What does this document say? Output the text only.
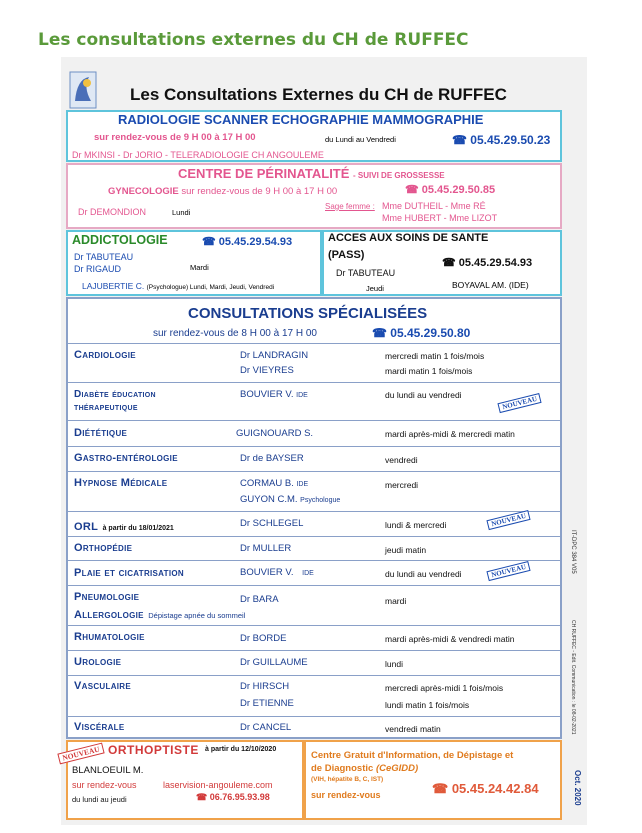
Les consultations externes du CH de RUFFEC
Les Consultations Externes du CH de RUFFEC
RADIOLOGIE SCANNER ECHOGRAPHIE MAMMOGRAPHIE
sur rendez-vous de 9 H 00 à 17 H 00	du Lundi au Vendredi	☎ 05.45.29.50.23
Dr MKINSI - Dr JORIO - TELERADIOLOGIE CH ANGOULEME
CENTRE DE PÉRINATALITÉ - SUIVI DE GROSSESSE
GYNECOLOGIE sur rendez-vous de 9 H 00 à 17 H 00	☎ 05.45.29.50.85
Dr DEMONDION	Lundi
Sage femme : Mme DUTHEIL - Mme RÉ
Mme HUBERT - Mme LIZOT
ADDICTOLOGIE	☎ 05.45.29.54.93
Dr TABUTEAU
Dr RIGAUD	Mardi
LAJUBERTIE C. (Psychologue) Lundi, Mardi, Jeudi, Vendredi
ACCES AUX SOINS DE SANTE
(PASS)
☎ 05.45.29.54.93
Dr TABUTEAU
Jeudi	BOYAVAL AM. (IDE)
CONSULTATIONS SPÉCIALISÉES
sur rendez-vous de 8 H 00 à 17 H 00	☎ 05.45.29.50.80
Cardiologie	Dr LANDRAGIN
Dr VIEYRES
mercredi matin 1 fois/mois
mardi matin 1 fois/mois
Diabète éducation
thérapeutique
BOUVIER V. IDE	du lundi au vendredi	NOUVEAU
Diététique	GUIGNOUARD S.	mardi après-midi & mercredi matin
Gastro-entérologie	Dr de BAYSER	vendredi
Hypnose Médicale	CORMAU B. IDE
GUYON C.M. Psychologue
mercredi
ORL à partir du 18/01/2021	Dr SCHLEGEL	lundi & mercredi	NOUVEAU
Orthopédie	Dr MULLER	jeudi matin
Plaie et cicatrisation	BOUVIER V. IDE	du lundi au vendredi	NOUVEAU
Pneumologie
Allergologie Dépistage apnée du sommeil
Dr BARA	mardi
Rhumatologie	Dr BORDE	mardi après-midi & vendredi matin
Urologie	Dr GUILLAUME	lundi
Vasculaire	Dr HIRSCH
Dr ETIENNE
mercredi après-midi 1 fois/mois
lundi matin 1 fois/mois
Viscérale	Dr CANCEL	vendredi matin
NOUVEAU ORTHOPTISTE à partir du 12/10/2020
BLANLOEUIL M.
sur rendez-vous
du lundi au jeudi
laservision-angouleme.com
☎ 06.76.95.93.98
Centre Gratuit d'Information, de Dépistage et
de Diagnostic (CeGIDD)
(VIH, hépatite B, C, IST)
sur rendez-vous	☎ 05.45.24.42.84
IT-DPC 384 V05
CH RUFFEC - Edit. Communication : le 08-02-2021
Oct. 2020
